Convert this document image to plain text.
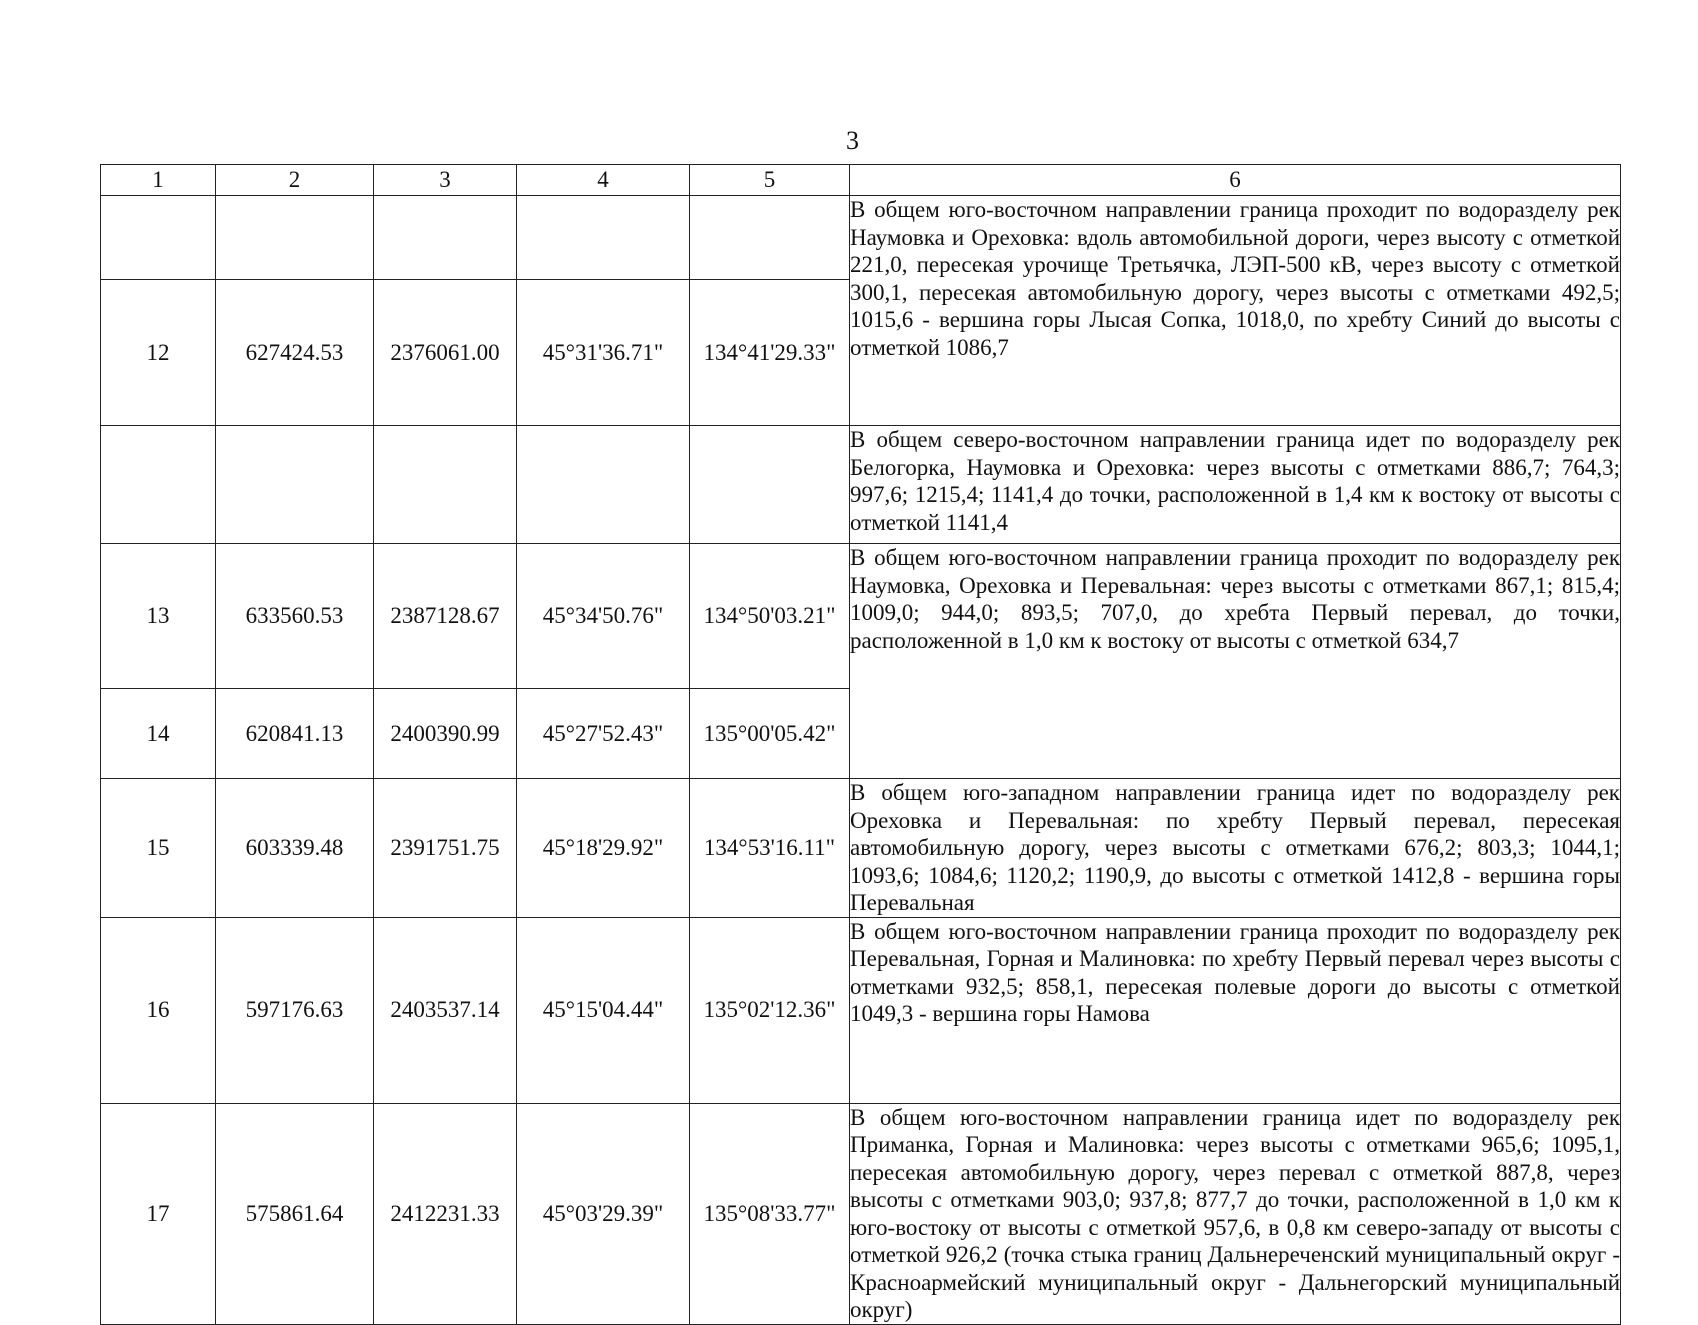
3
1	2	3	4	5	6

					В общем юго-восточном направлении граница проходит по водоразделу рек Наумовка и Ореховка: вдоль автомобильной дороги, через высоту с отметкой 221,0, пересекая урочище Третьячка, ЛЭП-500 кВ, через высоту с отметкой 300,1, пересекая автомобильную дорогу, через высоты с отметками 492,5; 1015,6 - вершина горы Лысая Сопка, 1018,0, по хребту Синий до высоты с отметкой 1086,7

12	627424.53	2376061.00	45°31'36.71"	134°41'29.33"	

					В общем северо-восточном направлении граница идет по водоразделу рек Белогорка, Наумовка и Ореховка: через высоты с отметками 886,7; 764,3; 997,6; 1215,4; 1141,4 до точки, расположенной в 1,4 км к востоку от высоты с отметкой 1141,4

13	633560.53	2387128.67	45°34'50.76"	134°50'03.21"	В общем юго-восточном направлении граница проходит по водоразделу рек Наумовка, Ореховка и Перевальная: через высоты с отметками 867,1; 815,4; 1009,0; 944,0; 893,5; 707,0, до хребта Первый перевал, до точки, расположенной в 1,0 км к востоку от высоты с отметкой 634,7

14	620841.13	2400390.99	45°27'52.43"	135°00'05.42"	
15	603339.48	2391751.75	45°18'29.92"	134°53'16.11"	В общем юго-западном направлении граница идет по водоразделу рек Ореховка и Перевальная: по хребту Первый перевал, пересекая автомобильную дорогу, через высоты с отметками 676,2; 803,3; 1044,1; 1093,6; 1084,6; 1120,2; 1190,9, до высоты с отметкой 1412,8 - вершина горы Перевальная

16	597176.63	2403537.14	45°15'04.44"	135°02'12.36"	В общем юго-восточном направлении граница проходит по водоразделу рек Перевальная, Горная и Малиновка: по хребту Первый перевал через высоты с отметками 932,5; 858,1, пересекая полевые дороги до высоты с отметкой 1049,3 - вершина горы Намова

17	575861.64	2412231.33	45°03'29.39"	135°08'33.77"	В общем юго-восточном направлении граница идет по водоразделу рек Приманка, Горная и Малиновка: через высоты с отметками 965,6; 1095,1, пересекая автомобильную дорогу, через перевал с отметкой 887,8, через высоты с отметками 903,0; 937,8; 877,7 до точки, расположенной в 1,0 км к юго-востоку от высоты с отметкой 957,6, в 0,8 км северо-западу от высоты с отметкой 926,2 (точка стыка границ Дальнереченский муниципальный округ - Красноармейский муниципальный округ - Дальнегорский муниципальный округ)
